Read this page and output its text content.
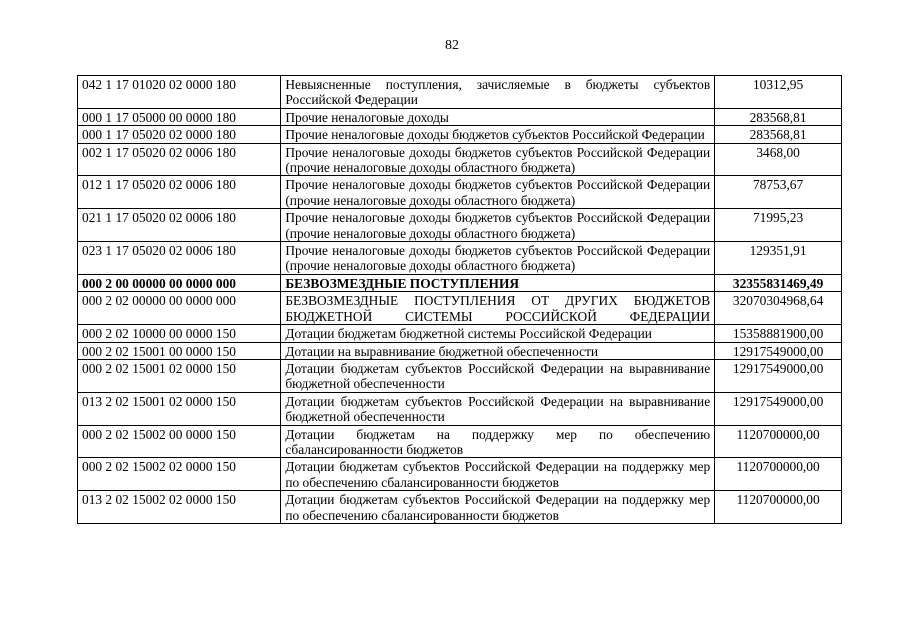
82
042 1 17 01020 02 0000 180	Невыясненные поступления, зачисляемые в бюджеты субъектов Российской Федерации	10312,95
000 1 17 05000 00 0000 180	Прочие неналоговые доходы	283568,81
000 1 17 05020 02 0000 180	Прочие неналоговые доходы бюджетов субъектов Российской Федерации	283568,81
002 1 17 05020 02 0006 180	Прочие неналоговые доходы бюджетов субъектов Российской Федерации (прочие неналоговые доходы областного бюджета)	3468,00
012 1 17 05020 02 0006 180	Прочие неналоговые доходы бюджетов субъектов Российской Федерации (прочие неналоговые доходы областного бюджета)	78753,67
021 1 17 05020 02 0006 180	Прочие неналоговые доходы бюджетов субъектов Российской Федерации (прочие неналоговые доходы областного бюджета)	71995,23
023 1 17 05020 02 0006 180	Прочие неналоговые доходы бюджетов субъектов Российской Федерации (прочие неналоговые доходы областного бюджета)	129351,91
000 2 00 00000 00 0000 000	БЕЗВОЗМЕЗДНЫЕ ПОСТУПЛЕНИЯ	32355831469,49
000 2 02 00000 00 0000 000	БЕЗВОЗМЕЗДНЫЕ ПОСТУПЛЕНИЯ ОТ ДРУГИХ БЮДЖЕТОВ БЮДЖЕТНОЙ СИСТЕМЫ РОССИЙСКОЙ ФЕДЕРАЦИИ	32070304968,64
000 2 02 10000 00 0000 150	Дотации бюджетам бюджетной системы Российской Федерации	15358881900,00
000 2 02 15001 00 0000 150	Дотации на выравнивание бюджетной обеспеченности	12917549000,00
000 2 02 15001 02 0000 150	Дотации бюджетам субъектов Российской Федерации на выравнивание бюджетной обеспеченности	12917549000,00
013 2 02 15001 02 0000 150	Дотации бюджетам субъектов Российской Федерации на выравнивание бюджетной обеспеченности	12917549000,00
000 2 02 15002 00 0000 150	Дотации бюджетам на поддержку мер по обеспечению сбалансированности бюджетов	1120700000,00
000 2 02 15002 02 0000 150	Дотации бюджетам субъектов Российской Федерации на поддержку мер по обеспечению сбалансированности бюджетов	1120700000,00
013 2 02 15002 02 0000 150	Дотации бюджетам субъектов Российской Федерации на поддержку мер по обеспечению сбалансированности бюджетов	1120700000,00
